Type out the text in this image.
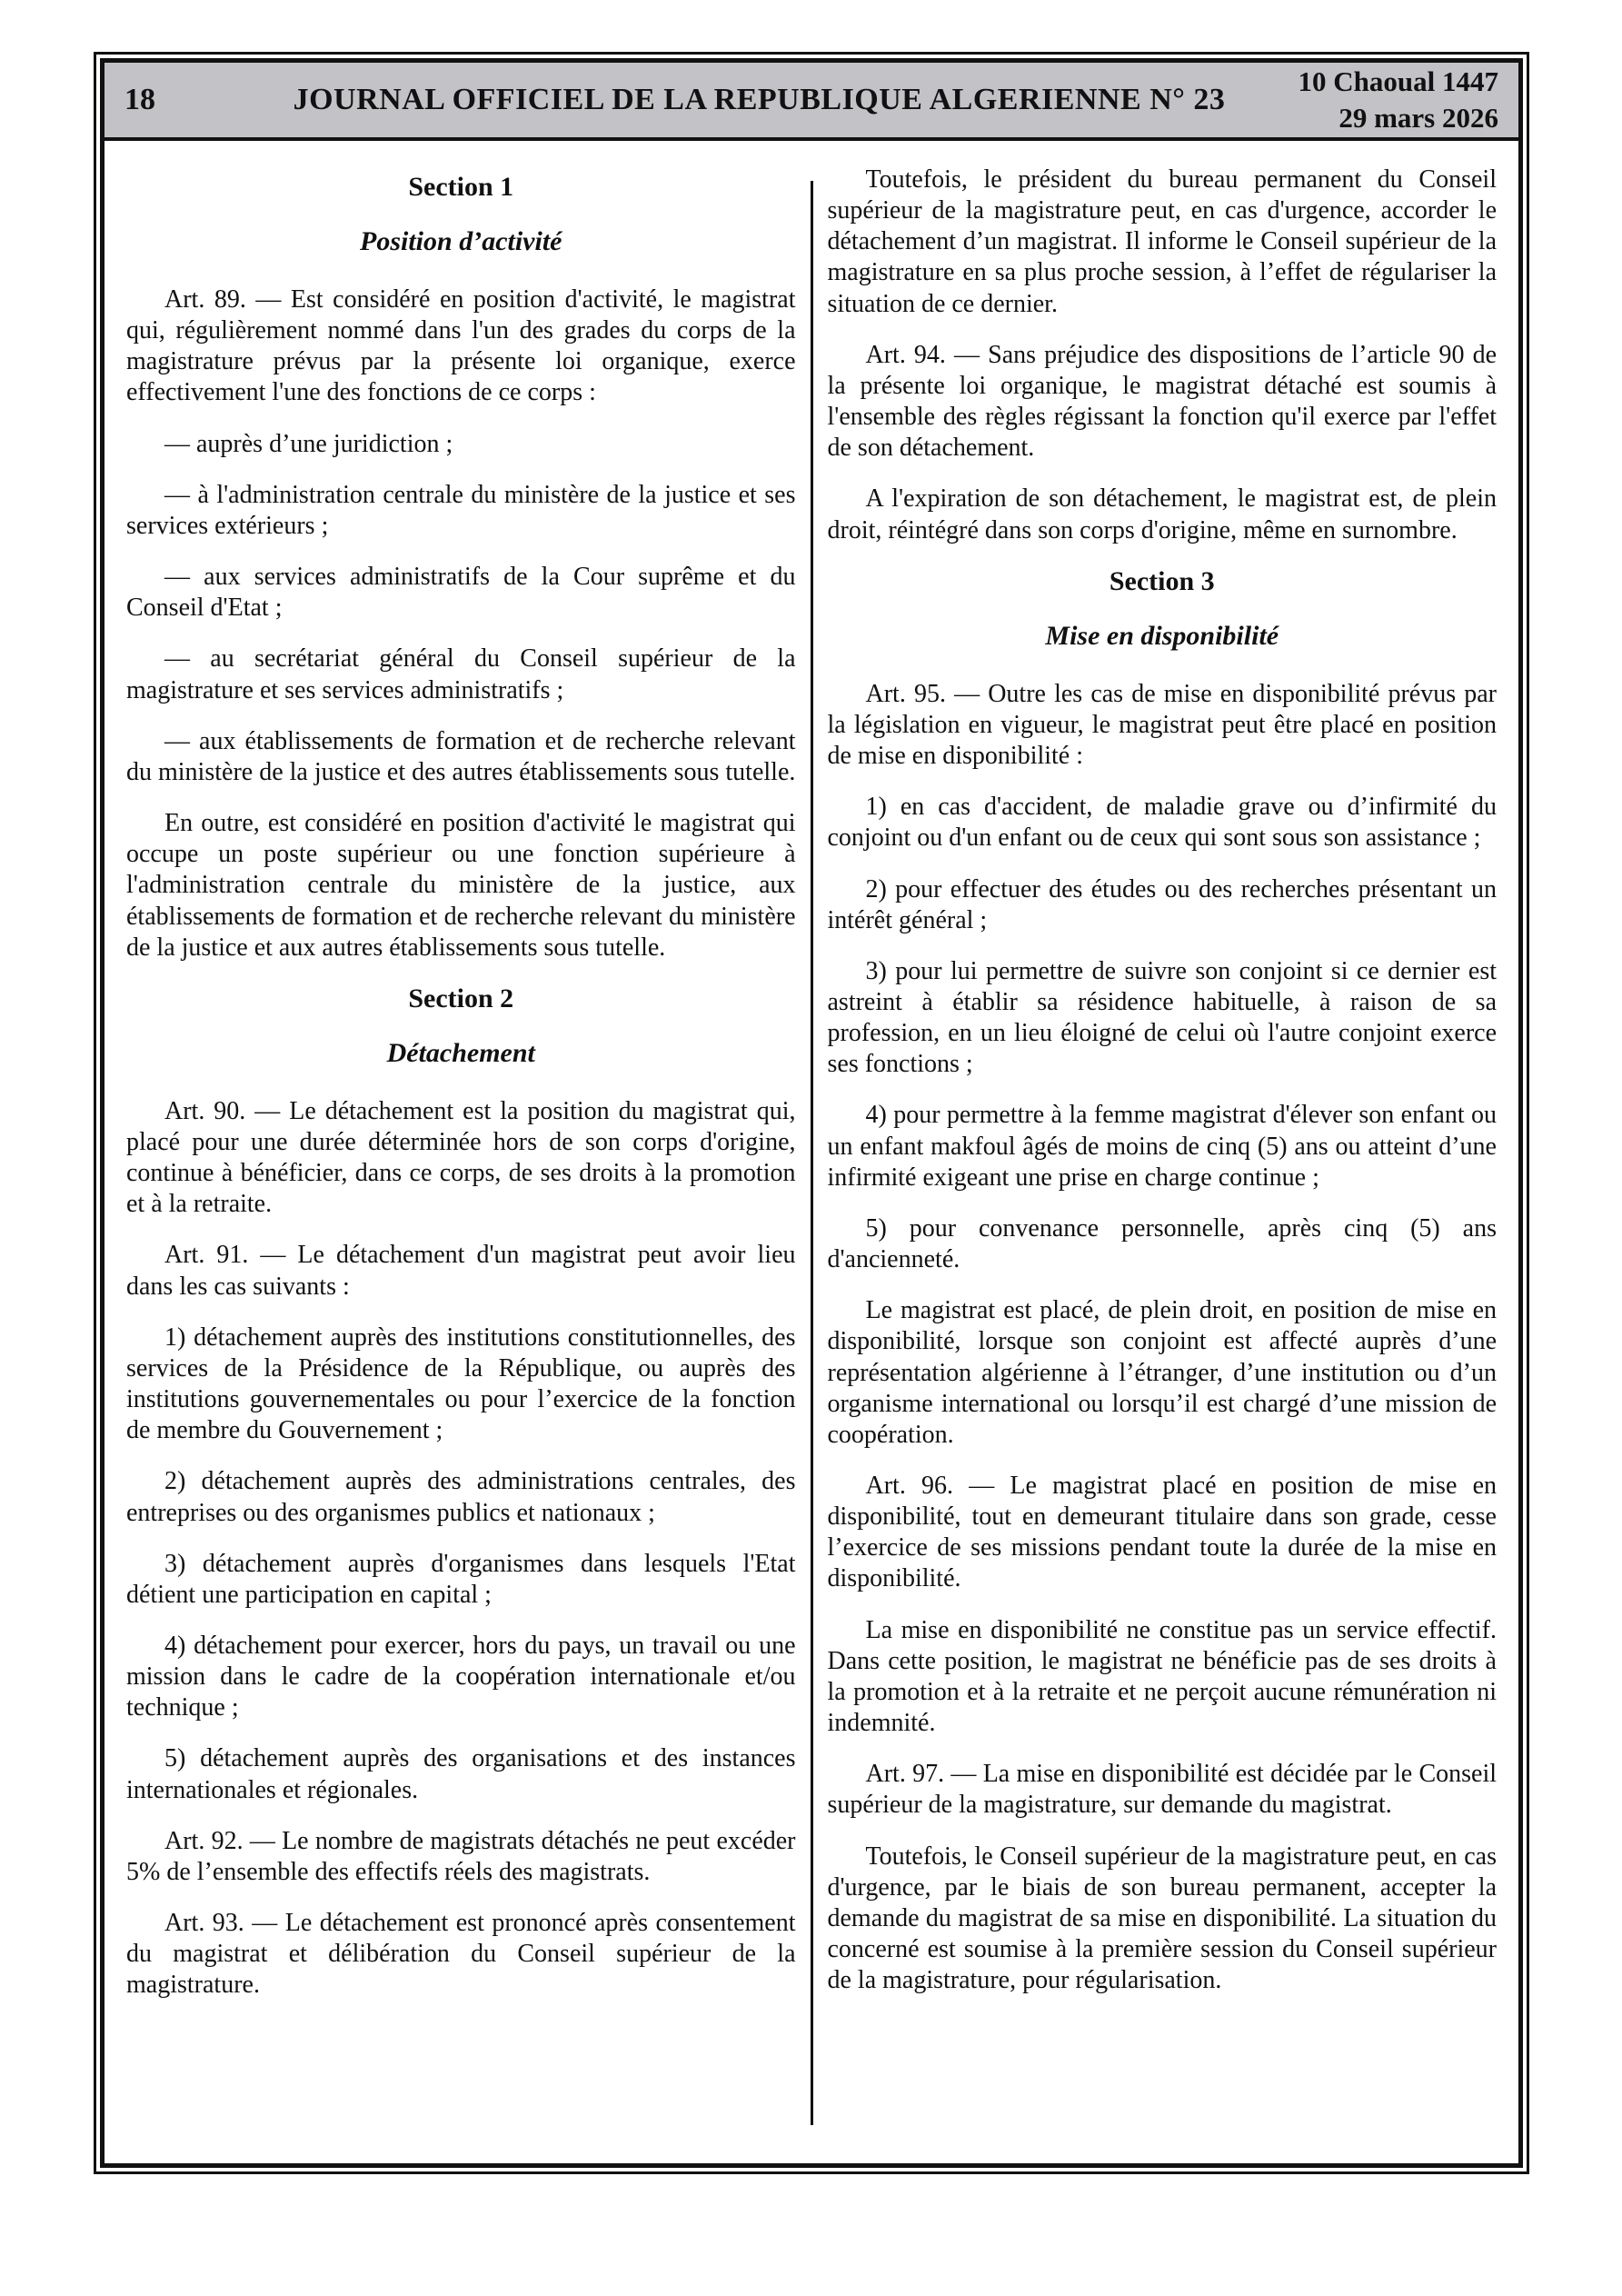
18	JOURNAL OFFICIEL DE LA REPUBLIQUE ALGERIENNE N° 23
10 Chaoual 1447
29 mars 2026

Section 1

Position d’activité

Art. 89. — Est considéré en position d'activité, le magistrat qui, régulièrement nommé dans l'un des grades du corps de la magistrature prévus par la présente loi organique, exerce effectivement l'une des fonctions de ce corps :

— auprès d’une juridiction ;

— à l'administration centrale du ministère de la justice et ses services extérieurs ;

— aux services administratifs de la Cour suprême et du Conseil d'Etat ;

— au secrétariat général du Conseil supérieur de la magistrature et ses services administratifs ;

— aux établissements de formation et de recherche relevant du ministère de la justice et des autres établissements sous tutelle.

En outre, est considéré en position d'activité le magistrat qui occupe un poste supérieur ou une fonction supérieure à l'administration centrale du ministère de la justice, aux établissements de formation et de recherche relevant du ministère de la justice et aux autres établissements sous tutelle.

Section 2

Détachement

Art. 90. — Le détachement est la position du magistrat qui, placé pour une durée déterminée hors de son corps d'origine, continue à bénéficier, dans ce corps, de ses droits à la promotion et à la retraite.

Art. 91. — Le détachement d'un magistrat peut avoir lieu dans les cas suivants :

1) détachement auprès des institutions constitutionnelles, des services de la Présidence de la République, ou auprès des institutions gouvernementales ou pour l’exercice de la fonction de membre du Gouvernement ;

2) détachement auprès des administrations centrales, des entreprises ou des organismes publics et nationaux ;

3) détachement auprès d'organismes dans lesquels l'Etat détient une participation en capital ;

4) détachement pour exercer, hors du pays, un travail ou une mission dans le cadre de la coopération internationale et/ou technique ;

5) détachement auprès des organisations et des instances internationales et régionales.

Art. 92. — Le nombre de magistrats détachés ne peut excéder 5% de l’ensemble des effectifs réels des magistrats.

Art. 93. — Le détachement est prononcé après consentement du magistrat et délibération du Conseil supérieur de la magistrature.

Toutefois, le président du bureau permanent du Conseil supérieur de la magistrature peut, en cas d'urgence, accorder le détachement d’un magistrat. Il informe le Conseil supérieur de la magistrature en sa plus proche session, à l’effet de régulariser la situation de ce dernier.

Art. 94. — Sans préjudice des dispositions de l’article 90 de la présente loi organique, le magistrat détaché est soumis à l'ensemble des règles régissant la fonction qu'il exerce par l'effet de son détachement.

A l'expiration de son détachement, le magistrat est, de plein droit, réintégré dans son corps d'origine, même en surnombre.

Section 3

Mise en disponibilité

Art. 95. — Outre les cas de mise en disponibilité prévus par la législation en vigueur, le magistrat peut être placé en position de mise en disponibilité :

1) en cas d'accident, de maladie grave ou d’infirmité du conjoint ou d'un enfant ou de ceux qui sont sous son assistance ;

2) pour effectuer des études ou des recherches présentant un intérêt général ;

3) pour lui permettre de suivre son conjoint si ce dernier est astreint à établir sa résidence habituelle, à raison de sa profession, en un lieu éloigné de celui où l'autre conjoint exerce ses fonctions ;

4) pour permettre à la femme magistrat d'élever son enfant ou un enfant makfoul âgés de moins de cinq (5) ans ou atteint d’une infirmité exigeant une prise en charge continue ;

5) pour convenance personnelle, après cinq (5) ans d'ancienneté.

Le magistrat est placé, de plein droit, en position de mise en disponibilité, lorsque son conjoint est affecté auprès d’une représentation algérienne à l’étranger, d’une institution ou d’un organisme international ou lorsqu’il est chargé d’une mission de coopération.

Art. 96. — Le magistrat placé en position de mise en disponibilité, tout en demeurant titulaire dans son grade, cesse l’exercice de ses missions pendant toute la durée de la mise en disponibilité.

La mise en disponibilité ne constitue pas un service effectif. Dans cette position, le magistrat ne bénéficie pas de ses droits à la promotion et à la retraite et ne perçoit aucune rémunération ni indemnité.

Art. 97. — La mise en disponibilité est décidée par le Conseil supérieur de la magistrature, sur demande du magistrat.

Toutefois, le Conseil supérieur de la magistrature peut, en cas d'urgence, par le biais de son bureau permanent, accepter la demande du magistrat de sa mise en disponibilité. La situation du concerné est soumise à la première session du Conseil supérieur de la magistrature, pour régularisation.
